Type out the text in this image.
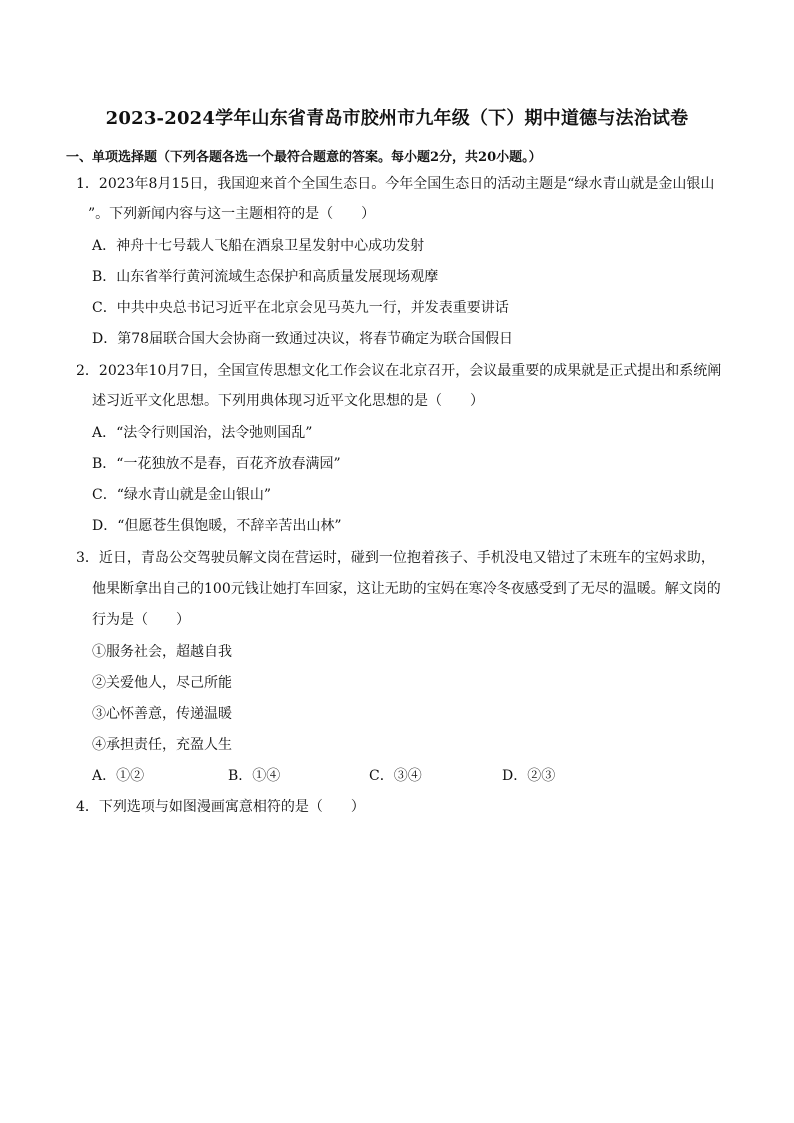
2023-2024学年山东省青岛市胶州市九年级（下）期中道德与法治试卷
一、单项选择题（下列各题各选一个最符合题意的答案。每小题2分，共20小题。）
1．2023年8月15日，我国迎来首个全国生态日。今年全国生态日的活动主题是“绿水青山就是金山银山
”。下列新闻内容与这一主题相符的是（　　）
A．神舟十七号载人飞船在酒泉卫星发射中心成功发射
B．山东省举行黄河流域生态保护和高质量发展现场观摩
C．中共中央总书记习近平在北京会见马英九一行，并发表重要讲话
D．第78届联合国大会协商一致通过决议，将春节确定为联合国假日
2．2023年10月7日，全国宣传思想文化工作会议在北京召开，会议最重要的成果就是正式提出和系统阐
述习近平文化思想。下列用典体现习近平文化思想的是（　　）
A．“法令行则国治，法令弛则国乱”
B．“一花独放不是春，百花齐放春满园”
C．“绿水青山就是金山银山”
D．“但愿苍生俱饱暖，不辞辛苦出山林”
3．近日，青岛公交驾驶员解文岗在营运时，碰到一位抱着孩子、手机没电又错过了末班车的宝妈求助，
他果断拿出自己的100元钱让她打车回家，这让无助的宝妈在寒冷冬夜感受到了无尽的温暖。解文岗的
行为是（　　）
①服务社会，超越自我
②关爱他人，尽己所能
③心怀善意，传递温暖
④承担责任，充盈人生
A．①②	B．①④	C．③④	D．②③
4．下列选项与如图漫画寓意相符的是（　　）
